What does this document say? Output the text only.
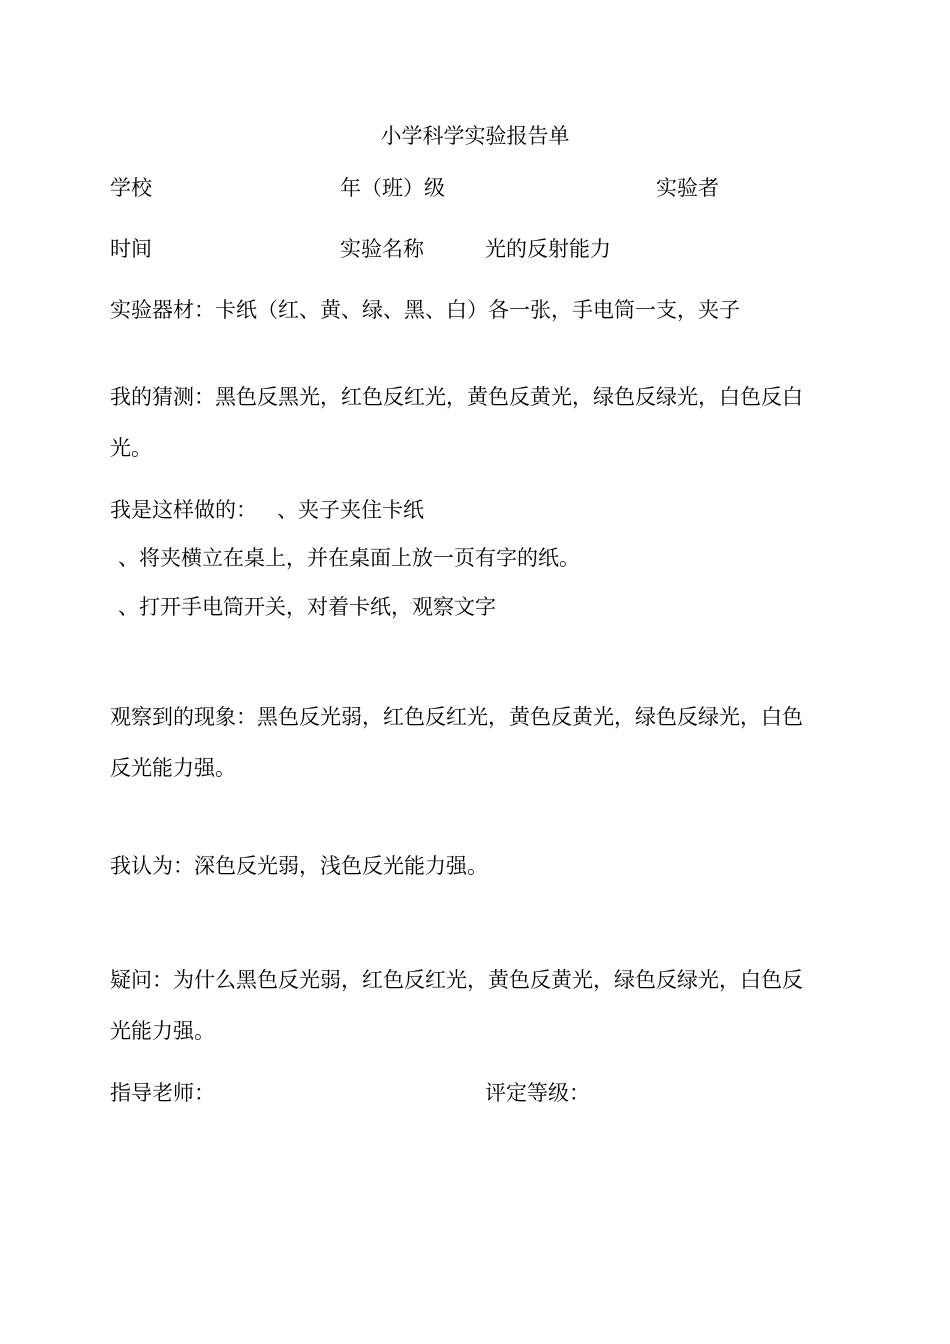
小学科学实验报告单
学校	年（班）级	实验者
时间	实验名称	光的反射能力
实验器材：卡纸（红、黄、绿、黑、白）各一张，手电筒一支，夹子
我的猜测：黑色反黑光，红色反红光，黄色反黄光，绿色反绿光，白色反白
光。
我是这样做的： 、夹子夹住卡纸
、将夹横立在桌上，并在桌面上放一页有字的纸。
、打开手电筒开关，对着卡纸，观察文字
观察到的现象：黑色反光弱，红色反红光，黄色反黄光，绿色反绿光，白色
反光能力强。
我认为：深色反光弱，浅色反光能力强。
疑问：为什么黑色反光弱，红色反红光，黄色反黄光，绿色反绿光，白色反
光能力强。
指导老师：	评定等级：
